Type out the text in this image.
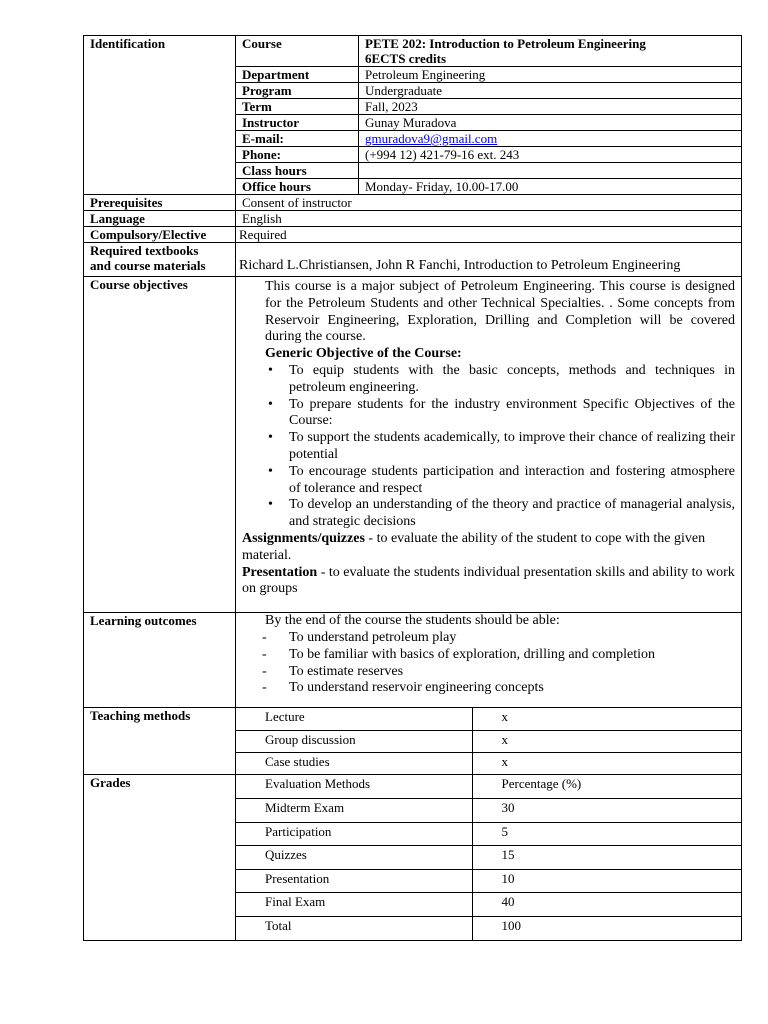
Identification	Course	PETE 202: Introduction to Petroleum Engineering
6ECTS credits

Department	Petroleum Engineering
Program	Undergraduate
Term	Fall, 2023
Instructor	Gunay Muradova
E-mail:	gmuradova9@gmail.com
Phone:	(+994 12) 421-79-16 ext. 243
Class hours	
Office hours	Monday- Friday, 10.00-17.00
Prerequisites	Consent of instructor
Language	English
Compulsory/Elective	Required

Required textbooks
and course materials	Richard L.Christiansen, John R Fanchi, Introduction to Petroleum Engineering
Course objectives	This course is a major subject of Petroleum Engineering. This course is designed for the Petroleum Students and other Technical Specialties. . Some concepts from Reservoir Engineering, Exploration, Drilling and Completion will be covered during the course.
Generic Objective of the Course:
• To equip students with the basic concepts, methods and techniques in petroleum engineering.
• To prepare students for the industry environment Specific Objectives of the Course:
• To support the students academically, to improve their chance of realizing their potential
• To encourage students participation and interaction and fostering atmosphere of tolerance and respect
• To develop an understanding of the theory and practice of managerial analysis, and strategic decisions
Assignments/quizzes - to evaluate the ability of the student to cope with the given material.
Presentation - to evaluate the students individual presentation skills and ability to work on groups

Learning outcomes	By the end of the course the students should be able:
- To understand petroleum play
- To be familiar with basics of exploration, drilling and completion
- To estimate reserves
- To understand reservoir engineering concepts

Teaching methods		Lecture	x
Group discussion	x
Case studies	x

Grades		Evaluation Methods	Percentage (%)
Midterm Exam	30
Participation	5
Quizzes	15
Presentation	10
Final Exam	40
Total	100
